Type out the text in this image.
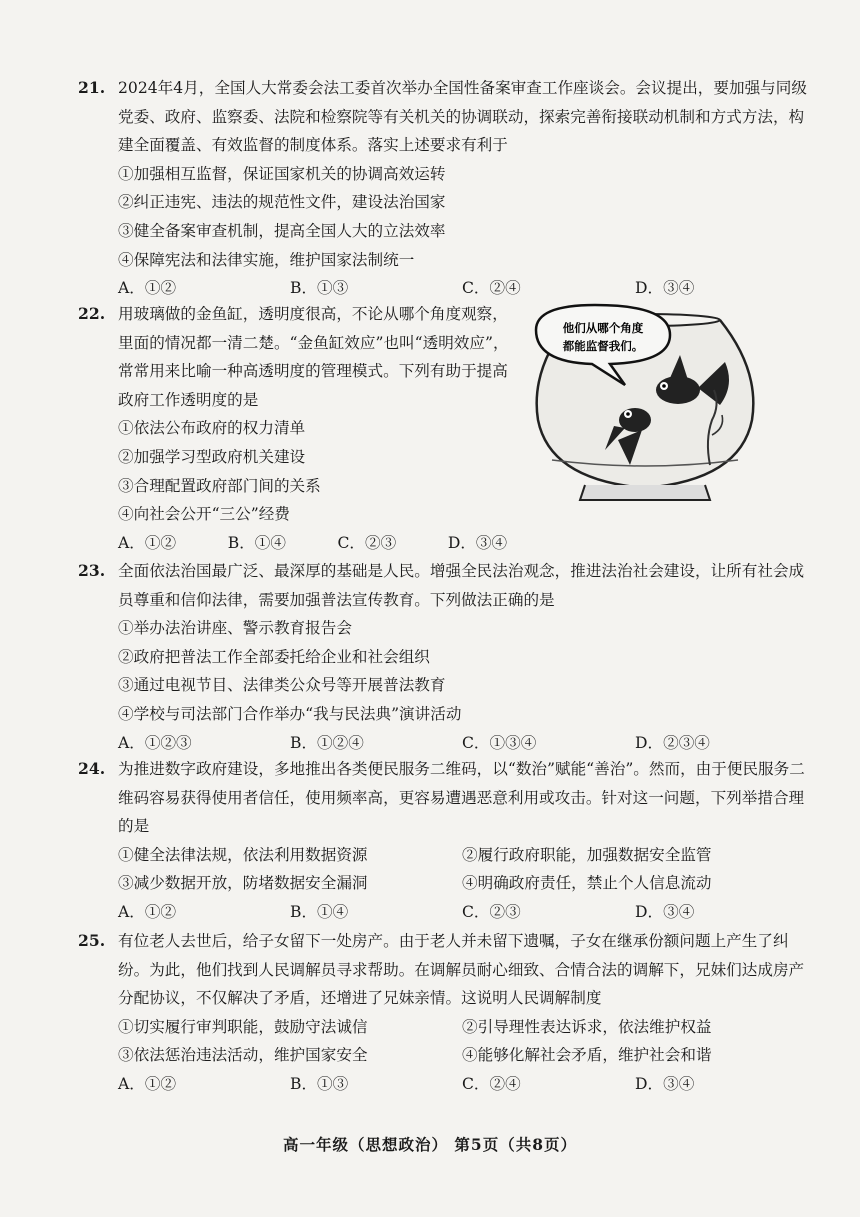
21. 2024年4月，全国人大常委会法工委首次举办全国性备案审查工作座谈会。会议提出，要加强与同级党委、政府、监察委、法院和检察院等有关机关的协调联动，探索完善衔接联动机制和方式方法，构建全面覆盖、有效监督的制度体系。落实上述要求有利于

①加强相互监督，保证国家机关的协调高效运转

②纠正违宪、违法的规范性文件，建设法治国家

③健全备案审查机制，提高全国人大的立法效率

④保障宪法和法律实施，维护国家法制统一

A．①②	B．①③	C．②④	D．③④
22. 用玻璃做的金鱼缸，透明度很高，不论从哪个角度观察，里面的情况都一清二楚。“金鱼缸效应”也叫“透明效应”，常常用来比喻一种高透明度的管理模式。下列有助于提高政府工作透明度的是

①依法公布政府的权力清单

②加强学习型政府机关建设

③合理配置政府部门间的关系

④向社会公开“三公”经费

A．①②	B．①④	C．②③	D．③④
他们从哪个角度
都能监督我们。
23. 全面依法治国最广泛、最深厚的基础是人民。增强全民法治观念，推进法治社会建设，让所有社会成员尊重和信仰法律，需要加强普法宣传教育。下列做法正确的是

①举办法治讲座、警示教育报告会

②政府把普法工作全部委托给企业和社会组织

③通过电视节目、法律类公众号等开展普法教育

④学校与司法部门合作举办“我与民法典”演讲活动

A．①②③	B．①②④	C．①③④	D．②③④
24. 为推进数字政府建设，多地推出各类便民服务二维码，以“数治”赋能“善治”。然而，由于便民服务二维码容易获得使用者信任，使用频率高，更容易遭遇恶意利用或攻击。针对这一问题，下列举措合理的是

①健全法律法规，依法利用数据资源	②履行政府职能，加强数据安全监管
③减少数据开放，防堵数据安全漏洞	④明确政府责任，禁止个人信息流动
A．①②	B．①④	C．②③	D．③④
25. 有位老人去世后，给子女留下一处房产。由于老人并未留下遗嘱，子女在继承份额问题上产生了纠纷。为此，他们找到人民调解员寻求帮助。在调解员耐心细致、合情合法的调解下，兄妹们达成房产分配协议，不仅解决了矛盾，还增进了兄妹亲情。这说明人民调解制度

①切实履行审判职能，鼓励守法诚信	②引导理性表达诉求，依法维护权益
③依法惩治违法活动，维护国家安全	④能够化解社会矛盾，维护社会和谐
A．①②	B．①③	C．②④	D．③④
高一年级（思想政治） 第5页（共8页）
